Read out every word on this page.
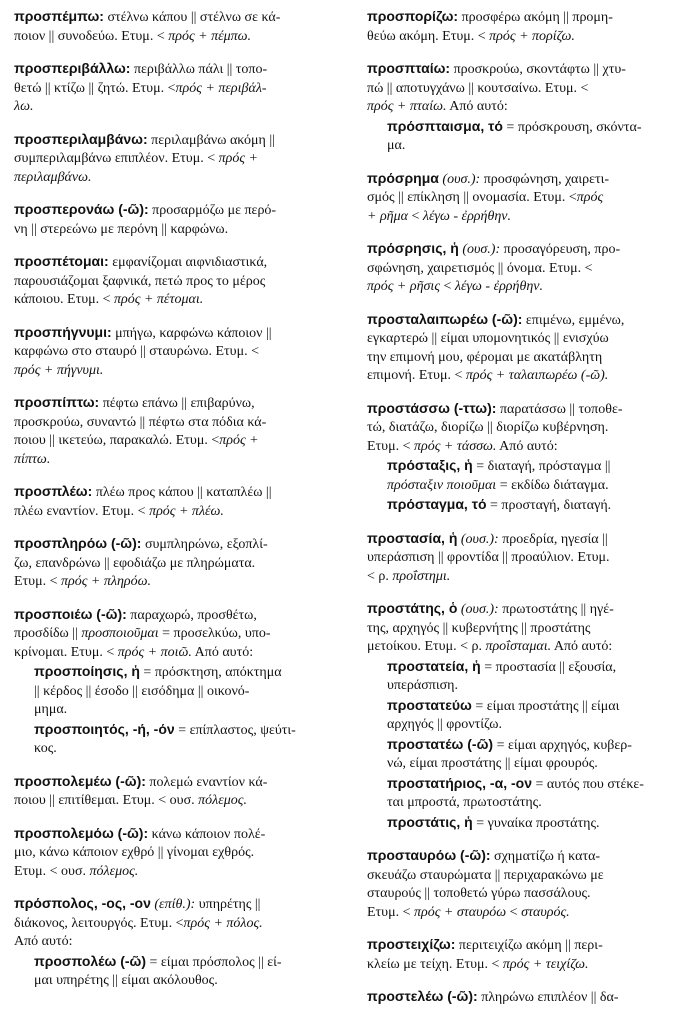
προσπέμπω: στέλνω κάπου || στέλνω σε κά-

ποιον || συνοδεύω. Ετυμ. < πρός + πέμπω.

προσπεριβάλλω: περιβάλλω πάλι || τοπο-

θετώ || κτίζω || ζητώ. Ετυμ. <πρός + περιβάλ-

λω.

προσπεριλαμβάνω: περιλαμβάνω ακόμη ||

συμπεριλαμβάνω επιπλέον. Ετυμ. < πρός +

περιλαμβάνω.

προσπερονάω (-ῶ): προσαρμόζω με περό-

νη || στερεώνω με περόνη || καρφώνω.

προσπέτομαι: εμφανίζομαι αιφνιδιαστικά,

παρουσιάζομαι ξαφνικά, πετώ προς το μέρος

κάποιου. Ετυμ. < πρός + πέτομαι.

προσπήγνυμι: μπήγω, καρφώνω κάποιον ||

καρφώνω στο σταυρό || σταυρώνω. Ετυμ. <

πρός + πήγνυμι.

προσπίπτω: πέφτω επάνω || επιβαρύνω,

προσκρούω, συναντώ || πέφτω στα πόδια κά-

ποιου || ικετεύω, παρακαλώ. Ετυμ. <πρός +

πίπτω.

προσπλέω: πλέω προς κάπου || καταπλέω ||

πλέω εναντίον. Ετυμ. < πρός + πλέω.

προσπληρόω (-ῶ): συμπληρώνω, εξοπλί-

ζω, επανδρώνω || εφοδιάζω με πληρώματα.

Ετυμ. < πρός + πληρόω.

προσποιέω (-ῶ): παραχωρώ, προσθέτω,

προσδίδω || προσποιοῦμαι = προσελκύω, υπο-

κρίνομαι. Ετυμ. < πρός + ποιῶ. Από αυτό:

προσποίησις, ἡ = πρόσκτηση, απόκτημα

|| κέρδος || έσοδο || εισόδημα || οικονό-

μημα.

προσποιητός, -ή, -όν = επίπλαστος, ψεύτι-

κος.

προσπολεμέω (-ῶ): πολεμώ εναντίον κά-

ποιου || επιτίθεμαι. Ετυμ. < ουσ. πόλεμος.

προσπολεμόω (-ῶ): κάνω κάποιον πολέ-

μιο, κάνω κάποιον εχθρό || γίνομαι εχθρός.

Ετυμ. < ουσ. πόλεμος.

πρόσπολος, -ος, -ον (επίθ.): υπηρέτης ||

διάκονος, λειτουργός. Ετυμ. <πρός + πόλος.

Από αυτό:

προσπολέω (-ῶ) = είμαι πρόσπολος || εί-

μαι υπηρέτης || είμαι ακόλουθος.

προσπορίζω: προσφέρω ακόμη || προμη-

θεύω ακόμη. Ετυμ. < πρός + πορίζω.

προσπταίω: προσκρούω, σκοντάφτω || χτυ-

πώ || αποτυγχάνω || κουτσαίνω. Ετυμ. <

πρός + πταίω. Από αυτό:

πρόσπταισμα, τό = πρόσκρουση, σκόντα-

μα.

πρόσρημα (ουσ.): προσφώνηση, χαιρετι-

σμός || επίκληση || ονομασία. Ετυμ. <πρός

+ ρῆμα < λέγω - ἐρρήθην.

πρόσρησις, ἡ (ουσ.): προσαγόρευση, προ-

σφώνηση, χαιρετισμός || όνομα. Ετυμ. <

πρός + ρῆσις < λέγω - ἐρρήθην.

προσταλαιπωρέω (-ῶ): επιμένω, εμμένω,

εγκαρτερώ || είμαι υπομονητικός || ενισχύω

την επιμονή μου, φέρομαι με ακατάβλητη

επιμονή. Ετυμ. < πρός + ταλαιπωρέω (-ῶ).

προστάσσω (-ττω): παρατάσσω || τοποθε-

τώ, διατάζω, διορίζω || διορίζω κυβέρνηση.

Ετυμ. < πρός + τάσσω. Από αυτό:

πρόσταξις, ἡ = διαταγή, πρόσταγμα ||

πρόσταξιν ποιοῦμαι = εκδίδω διάταγμα.

πρόσταγμα, τό = προσταγή, διαταγή.

προστασία, ἡ (ουσ.): προεδρία, ηγεσία ||

υπεράσπιση || φροντίδα || προαύλιον. Ετυμ.

< ρ. προΐστημι.

προστάτης, ὁ (ουσ.): πρωτοστάτης || ηγέ-

της, αρχηγός || κυβερνήτης || προστάτης

μετοίκου. Ετυμ. < ρ. προΐσταμαι. Από αυτό:

προστατεία, ἡ = προστασία || εξουσία,

υπεράσπιση.

προστατεύω = είμαι προστάτης || είμαι

αρχηγός || φροντίζω.

προστατέω (-ῶ) = είμαι αρχηγός, κυβερ-

νώ, είμαι προστάτης || είμαι φρουρός.

προστατήριος, -α, -ον = αυτός που στέκε-

ται μπροστά, πρωτοστάτης.

προστάτις, ἡ = γυναίκα προστάτης.

προσταυρόω (-ῶ): σχηματίζω ή κατα-

σκευάζω σταυρώματα || περιχαρακώνω με

σταυρούς || τοποθετώ γύρω πασσάλους.

Ετυμ. < πρός + σταυρόω < σταυρός.

προστειχίζω: περιτειχίζω ακόμη || περι-

κλείω με τείχη. Ετυμ. < πρός + τειχίζω.

προστελέω (-ῶ): πληρώνω επιπλέον || δα-
